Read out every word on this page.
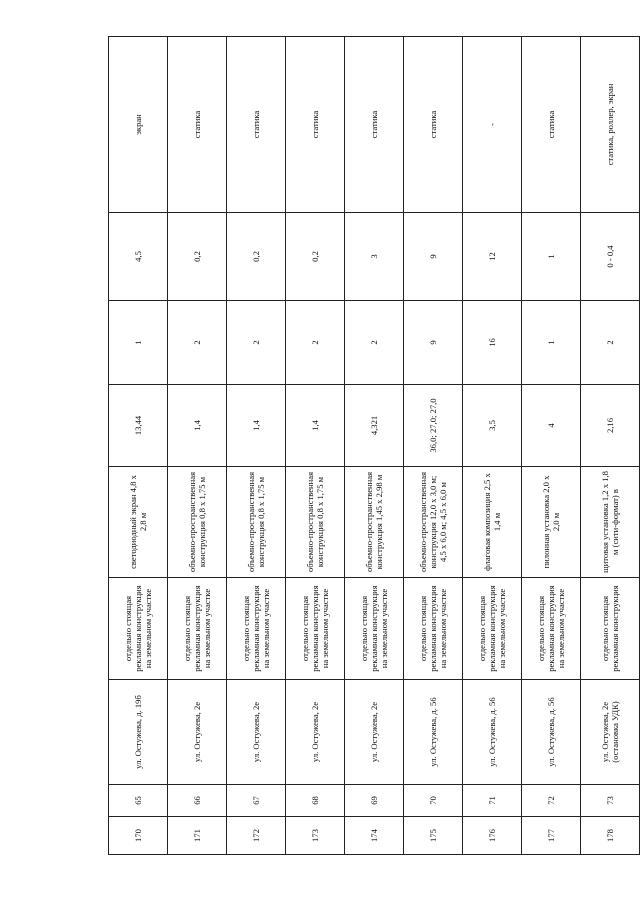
170	65	ул. Остужева, д. 19б	отдельно стоящая рекламная конструкция на земельном участке	светодиодный экран 4,8 х 2,8 м	13,44	1	4,5	экран
171	66	ул. Остужева, 2е	отдельно стоящая рекламная конструкция на земельном участке	объемно-пространственная конструкция 0,8 х 1,75 м	1,4	2	0,2	статика
172	67	ул. Остужева, 2е	отдельно стоящая рекламная конструкция на земельном участке	объемно-пространственная конструкция 0,8 х 1,75 м	1,4	2	0,2	статика
173	68	ул. Остужева, 2е	отдельно стоящая рекламная конструкция на земельном участке	объемно-пространственная конструкция 0,8 х 1,75 м	1,4	2	0,2	статика
174	69	ул. Остужева, 2е	отдельно стоящая рекламная конструкция на земельном участке	объемно-пространственная конструкция 1,45 х 2,98 м	4,321	2	3	статика
175	70	ул. Остужева, д. 56	отдельно стоящая рекламная конструкция на земельном участке	объемно-пространственная конструкция 12,0 х 3,0 м; 4,5 х 6,0 м; 4,5 х 6,0 м	36,0; 27,0; 27,0	9	9	статика
176	71	ул. Остужева, д. 56	отдельно стоящая рекламная конструкция на земельном участке	флаговая композиция 2,5 х 1,4 м	3,5	16	12	-
177	72	ул. Остужева, д. 56	отдельно стоящая рекламная конструкция на земельном участке	пилонная установка 2,0 х 2,0 м	4	1	1	статика
178	73	ул. Остужева, 2е (остановка УДК)	отдельно стоящая рекламная конструкция	щитовая установка 1,2 х 1,8 м (сити-формат) в	2,16	2	0 - 0,4	статика, роллер, экран
